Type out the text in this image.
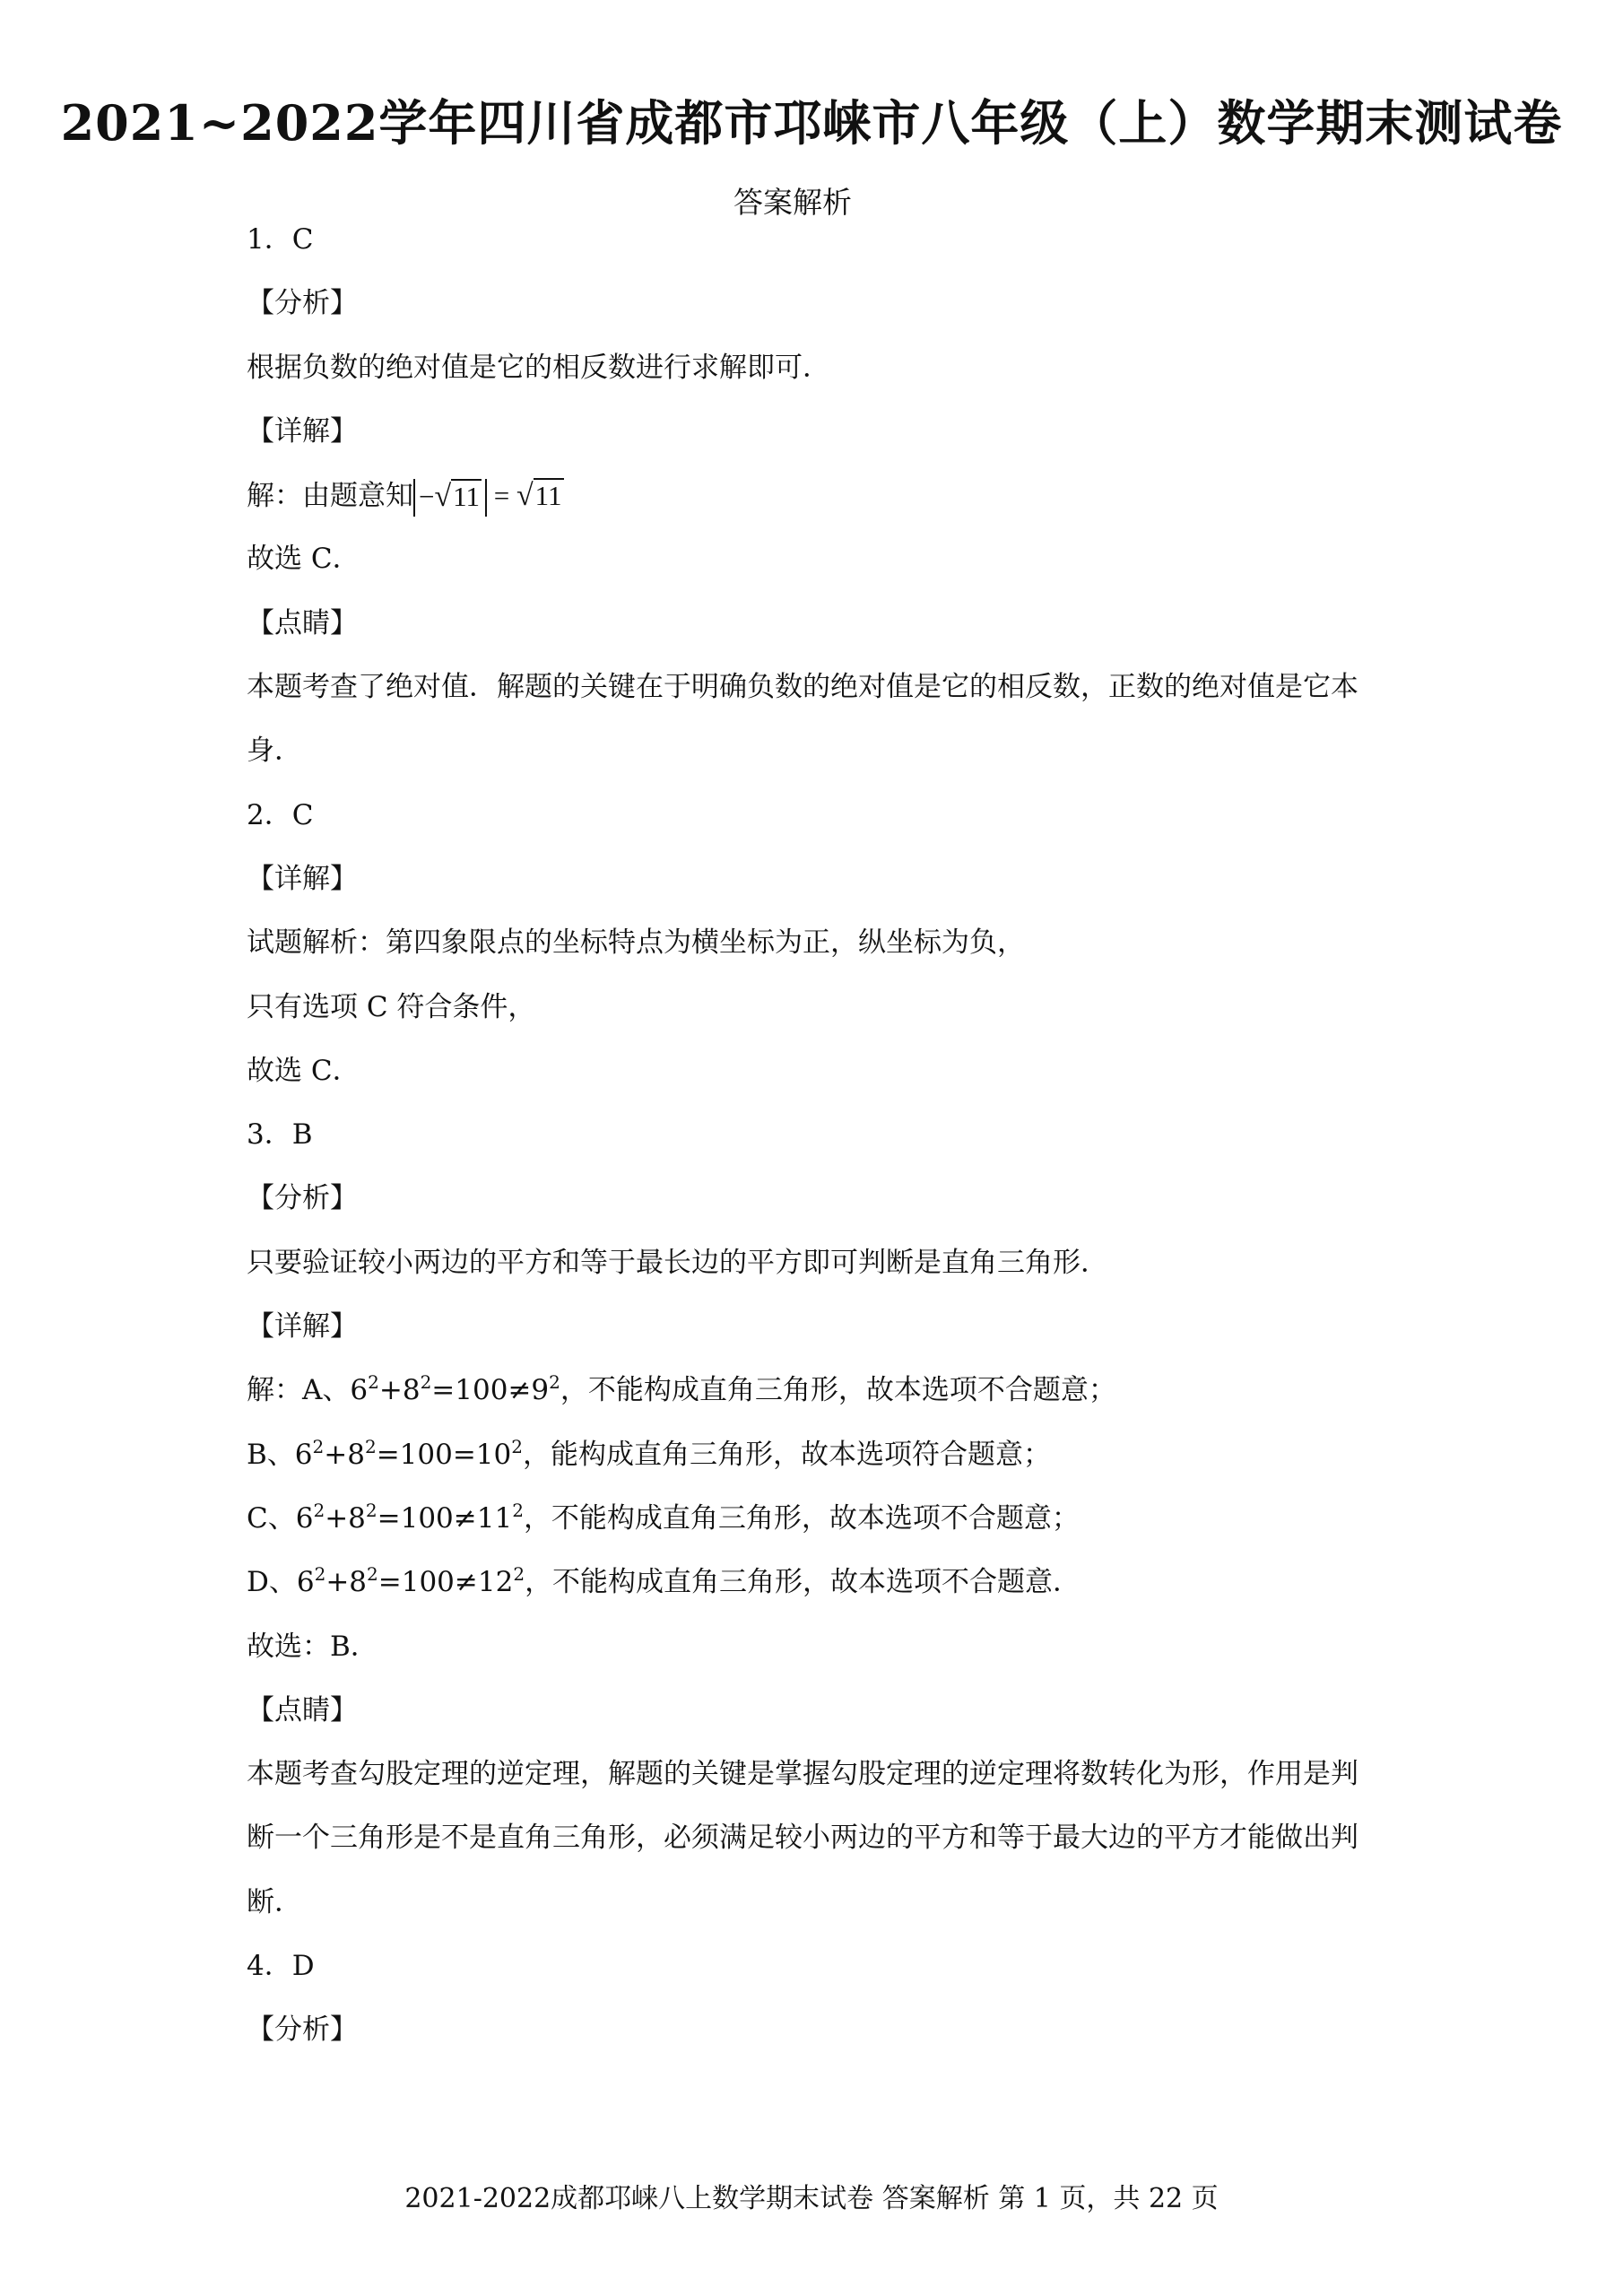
2021~2022学年四川省成都市邛崃市八年级（上）数学期末测试卷
答案解析
1．C
【分析】
根据负数的绝对值是它的相反数进行求解即可．
【详解】
解：由题意知 −√11 = √11
故选 C．
【点睛】
本题考查了绝对值．解题的关键在于明确负数的绝对值是它的相反数，正数的绝对值是它本
身．
2．C
【详解】
试题解析：第四象限点的坐标特点为横坐标为正，纵坐标为负，
只有选项 C 符合条件，
故选 C．
3．B
【分析】
只要验证较小两边的平方和等于最长边的平方即可判断是直角三角形．
【详解】
解：A、$6^2+8^2=100\ne 9^2$，不能构成直角三角形，故本选项不合题意；
B、$6^2+8^2=100=10^2$，能构成直角三角形，故本选项符合题意；
C、$6^2+8^2=100\ne 11^2$，不能构成直角三角形，故本选项不合题意；
D、$6^2+8^2=100\ne 12^2$，不能构成直角三角形，故本选项不合题意．
故选：B．
【点睛】
本题考查勾股定理的逆定理，解题的关键是掌握勾股定理的逆定理将数转化为形，作用是判
断一个三角形是不是直角三角形，必须满足较小两边的平方和等于最大边的平方才能做出判
断．
4．D
【分析】
2021-2022成都邛崃八上数学期末试卷 答案解析 第 1 页，共 22 页
